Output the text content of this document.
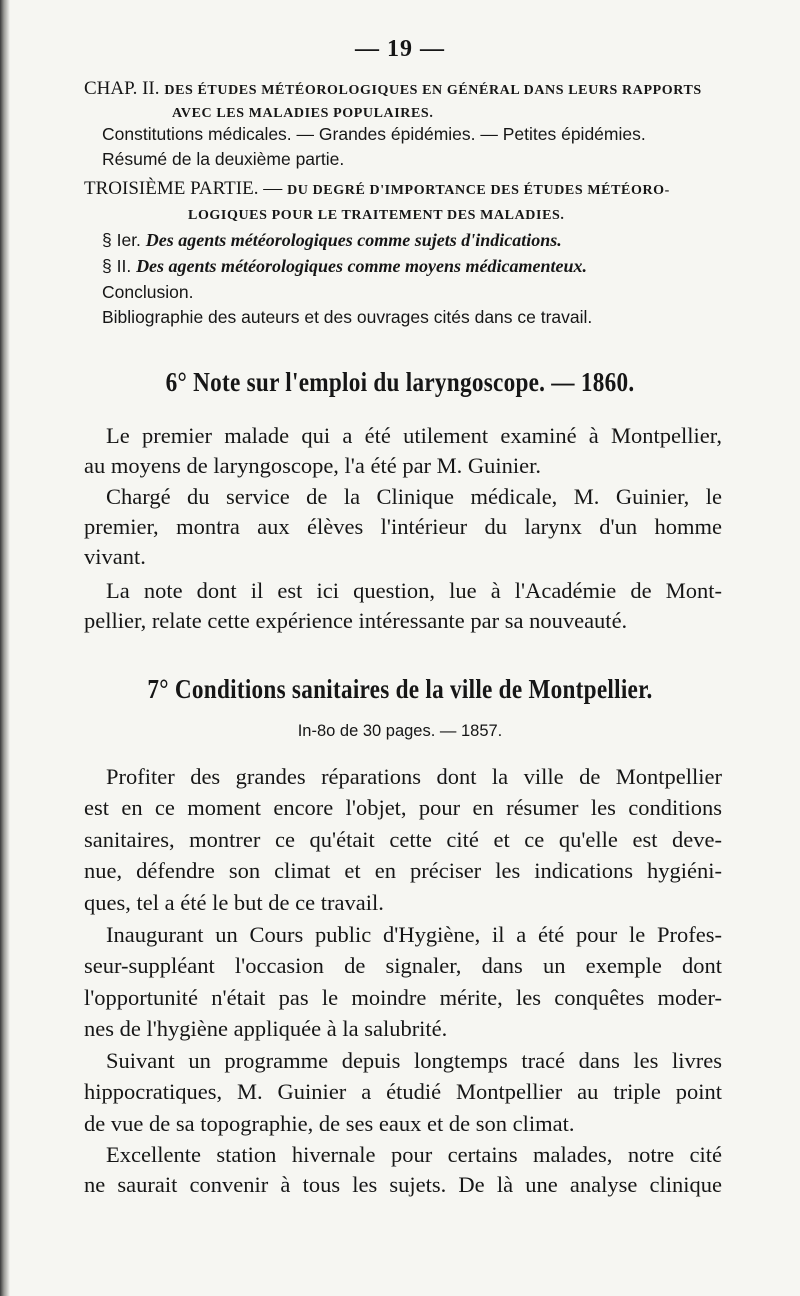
— 19 —
CHAP. II. DES ÉTUDES MÉTÉOROLOGIQUES EN GÉNÉRAL DANS LEURS RAPPORTS
AVEC LES MALADIES POPULAIRES.
Constitutions médicales. — Grandes épidémies. — Petites épidémies.
Résumé de la deuxième partie.
TROISIÈME PARTIE. — DU DEGRÉ D'IMPORTANCE DES ÉTUDES MÉTÉORO-
LOGIQUES POUR LE TRAITEMENT DES MALADIES.
§ Ier. Des agents météorologiques comme sujets d'indications.
§ II. Des agents météorologiques comme moyens médicamenteux.
Conclusion.
Bibliographie des auteurs et des ouvrages cités dans ce travail.
6° Note sur l'emploi du laryngoscope. — 1860.
Le premier malade qui a été utilement examiné à Montpellier,
au moyens de laryngoscope, l'a été par M. Guinier.
Chargé du service de la Clinique médicale, M. Guinier, le
premier, montra aux élèves l'intérieur du larynx d'un homme
vivant.
La note dont il est ici question, lue à l'Académie de Mont-
pellier, relate cette expérience intéressante par sa nouveauté.
7° Conditions sanitaires de la ville de Montpellier.
In-8o de 30 pages. — 1857.
Profiter des grandes réparations dont la ville de Montpellier
est en ce moment encore l'objet, pour en résumer les conditions
sanitaires, montrer ce qu'était cette cité et ce qu'elle est deve-
nue, défendre son climat et en préciser les indications hygiéni-
ques, tel a été le but de ce travail.
Inaugurant un Cours public d'Hygiène, il a été pour le Profes-
seur-suppléant l'occasion de signaler, dans un exemple dont
l'opportunité n'était pas le moindre mérite, les conquêtes moder-
nes de l'hygiène appliquée à la salubrité.
Suivant un programme depuis longtemps tracé dans les livres
hippocratiques, M. Guinier a étudié Montpellier au triple point
de vue de sa topographie, de ses eaux et de son climat.
Excellente station hivernale pour certains malades, notre cité
ne saurait convenir à tous les sujets. De là une analyse clinique
